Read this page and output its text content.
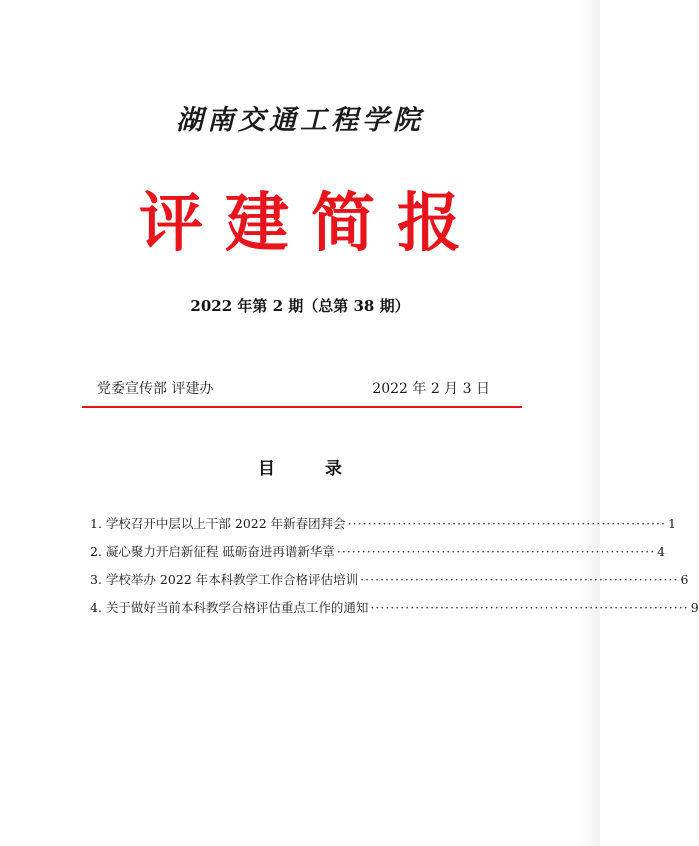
湖南交通工程学院
评建简报
2022 年第 2 期（总第 38 期）
党委宣传部 评建办	2022 年 2 月 3 日
目 录
1. 学校召开中层以上干部 2022 年新春团拜会 ································································ 1
2. 凝心聚力开启新征程 砥砺奋进再谱新华章 ································································ 4
3. 学校举办 2022 年本科教学工作合格评估培训 ································································ 6
4. 关于做好当前本科教学合格评估重点工作的通知 ································································ 9
